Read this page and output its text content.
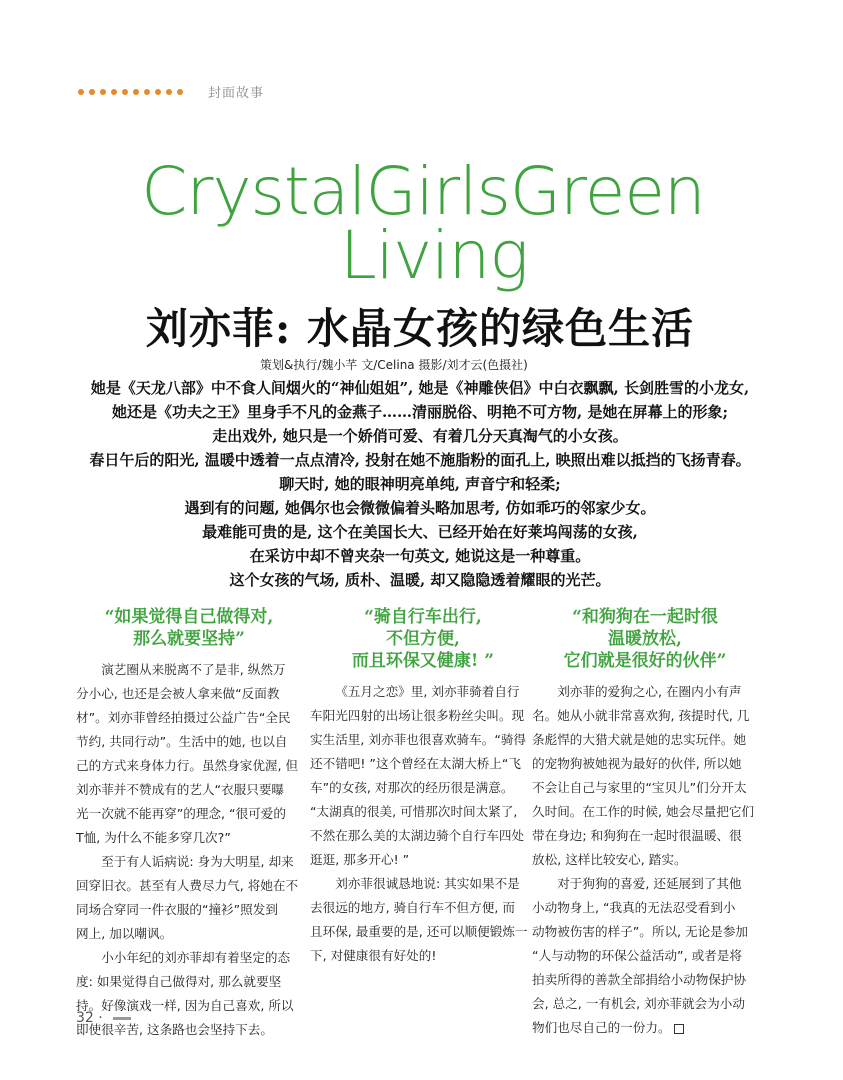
封面故事
CrystalGirlsGreen
Living
刘亦菲: 水晶女孩的绿色生活
策划&执行/魏小芊 文/Celina 摄影/刘才云(色摄社)

她是《天龙八部》中不食人间烟火的“神仙姐姐”, 她是《神雕侠侣》中白衣飘飘, 长剑胜雪的小龙女,

她还是《功夫之王》里身手不凡的金燕子……清丽脱俗、明艳不可方物, 是她在屏幕上的形象;

走出戏外, 她只是一个娇俏可爱、有着几分天真淘气的小女孩。

春日午后的阳光, 温暖中透着一点点清冷, 投射在她不施脂粉的面孔上, 映照出难以抵挡的飞扬青春。

聊天时, 她的眼神明亮单纯, 声音宁和轻柔;

遇到有的问题, 她偶尔也会微微偏着头略加思考, 仿如乖巧的邻家少女。

最难能可贵的是, 这个在美国长大、已经开始在好莱坞闯荡的女孩,

在采访中却不曾夹杂一句英文, 她说这是一种尊重。

这个女孩的气场, 质朴、温暖, 却又隐隐透着耀眼的光芒。

“如果觉得自己做得对,
那么就要坚持”

演艺圈从来脱离不了是非, 纵然万
分小心, 也还是会被人拿来做“反面教
材”。刘亦菲曾经拍摄过公益广告“全民
节约, 共同行动”。生活中的她, 也以自
己的方式来身体力行。虽然身家优渥, 但
刘亦菲并不赞成有的艺人“衣服只要曝
光一次就不能再穿”的理念, “很可爱的
T恤, 为什么不能多穿几次?”

至于有人诟病说: 身为大明星, 却来
回穿旧衣。甚至有人费尽力气, 将她在不
同场合穿同一件衣服的“撞衫”照发到
网上, 加以嘲讽。

小小年纪的刘亦菲却有着坚定的态
度: 如果觉得自己做得对, 那么就要坚
持。好像演戏一样, 因为自己喜欢, 所以
即使很辛苦, 这条路也会坚持下去。

“骑自行车出行,
不但方便,
而且环保又健康! ”

《五月之恋》里, 刘亦菲骑着自行
车阳光四射的出场让很多粉丝尖叫。现
实生活里, 刘亦菲也很喜欢骑车。“骑得
还不错吧! ”这个曾经在太湖大桥上“飞
车”的女孩, 对那次的经历很是满意。
“太湖真的很美, 可惜那次时间太紧了,
不然在那么美的太湖边骑个自行车四处
逛逛, 那多开心! ”

刘亦菲很诚恳地说: 其实如果不是
去很远的地方, 骑自行车不但方便, 而
且环保, 最重要的是, 还可以顺便锻炼一
下, 对健康很有好处的!

“和狗狗在一起时很
温暖放松,
它们就是很好的伙伴”

刘亦菲的爱狗之心, 在圈内小有声
名。她从小就非常喜欢狗, 孩提时代, 几
条彪悍的大猎犬就是她的忠实玩伴。她
的宠物狗被她视为最好的伙伴, 所以她
不会让自己与家里的“宝贝儿”们分开太
久时间。在工作的时候, 她会尽量把它们
带在身边; 和狗狗在一起时很温暖、很
放松, 这样比较安心, 踏实。

对于狗狗的喜爱, 还延展到了其他
小动物身上, “我真的无法忍受看到小
动物被伤害的样子”。所以, 无论是参加
“人与动物的环保公益活动”, 或者是将
拍卖所得的善款全部捐给小动物保护协
会, 总之, 一有机会, 刘亦菲就会为小动
物们也尽自己的一份力。

32 ·
